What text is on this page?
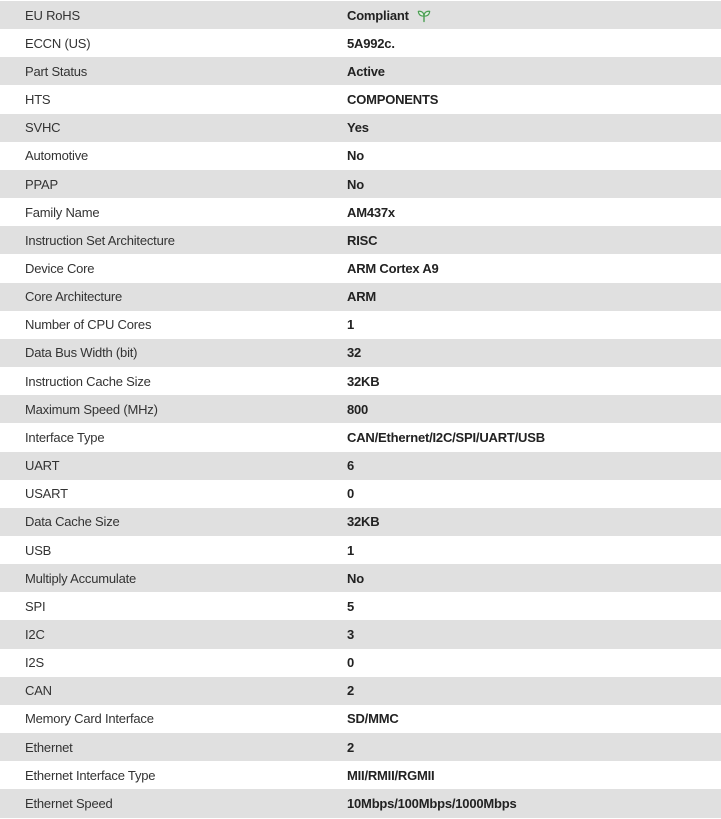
EU RoHS	Compliant
ECCN (US)	5A992c.
Part Status	Active
HTS	COMPONENTS
SVHC	Yes
Automotive	No
PPAP	No
Family Name	AM437x
Instruction Set Architecture	RISC
Device Core	ARM Cortex A9
Core Architecture	ARM
Number of CPU Cores	1
Data Bus Width (bit)	32
Instruction Cache Size	32KB
Maximum Speed (MHz)	800
Interface Type	CAN/Ethernet/I2C/SPI/UART/USB
UART	6
USART	0
Data Cache Size	32KB
USB	1
Multiply Accumulate	No
SPI	5
I2C	3
I2S	0
CAN	2
Memory Card Interface	SD/MMC
Ethernet	2
Ethernet Interface Type	MII/RMII/RGMII
Ethernet Speed	10Mbps/100Mbps/1000Mbps
